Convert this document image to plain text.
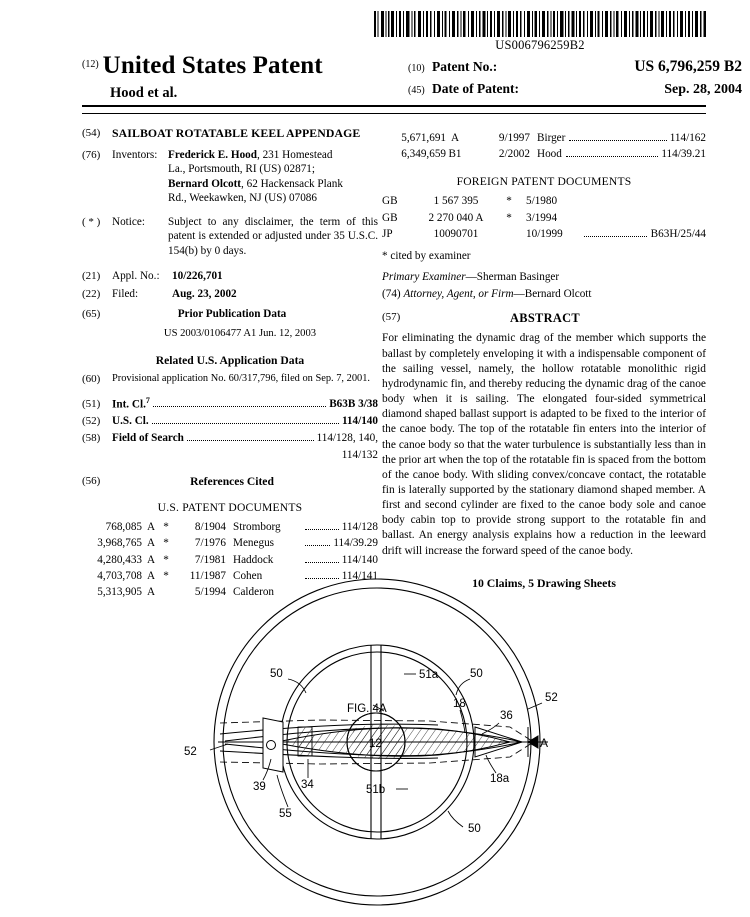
US006796259B2
$^{(12)}$ United States Patent
Hood et al.
(10) Patent No.:	US 6,796,259 B2
(45) Date of Patent:	Sep. 28, 2004
(54) SAILBOAT ROTATABLE KEEL APPENDAGE
(76)	Inventors: Frederick E. Hood, 231 Homestead
La., Portsmouth, RI (US) 02871;
Bernard Olcott, 62 Hackensack Plank
Rd., Weekawken, NJ (US) 07086
( * )	Notice:	Subject to any disclaimer, the term of this patent is extended or adjusted under 35 U.S.C. 154(b) by 0 days.
(21)	Appl. No.:	10/226,701
(22)	Filed:	Aug. 23, 2002
(65)	Prior Publication Data
US 2003/0106477 A1 Jun. 12, 2003
Related U.S. Application Data
(60)	Provisional application No. 60/317,796, filed on Sep. 7, 2001.
(51)	Int. Cl.$^7$	B63B 3/38
(52)	U.S. Cl.	114/140
(58)	Field of Search	114/128, 140,
114/132
(56)	References Cited
U.S. PATENT DOCUMENTS
768,085 A *	8/1904 Stromborg	114/128
3,968,765 A *	7/1976 Menegus	114/39.29
4,280,433 A *	7/1981 Haddock	114/140
4,703,708 A *	11/1987 Cohen	114/141
5,313,905 A	5/1994 Calderon
5,671,691 A	9/1997 Birger	114/162
6,349,659 B1	2/2002 Hood	114/39.21
FOREIGN PATENT DOCUMENTS
GB	1 567 395	*	5/1980
GB	2 270 040 A	*	3/1994
JP	10090701	10/1999	B63H/25/44
* cited by examiner
Primary Examiner—Sherman Basinger
(74) Attorney, Agent, or Firm—Bernard Olcott
(57)	ABSTRACT
For eliminating the dynamic drag of the member which supports the ballast by completely enveloping it with a indispensable component of the sailing vessel, namely, the hollow rotatable monolithic rigid hydrodynamic fin, and thereby reducing the dynamic drag of the canoe body when it is sailing. The elongated four-sided symmetrical diamond shaped ballast support is adapted to be fixed to the interior of the canoe body. The top of the rotatable fin enters into the interior of the canoe body so that the water turbulence is substantially less than in the prior art when the top of the rotatable fin is spaced from the bottom of the canoe body. With sliding convex/concave contact, the rotatable fin is laterally supported by the stationary diamond shaped member. A first and second cylinder are fixed to the canoe body sole and canoe body cabin top to provide strong support to the rotatable fin and ballast. An energy analysis explains how a reduction in the leeward drift will increase the forward speed of the canoe body.
10 Claims, 5 Drawing Sheets
50	50
50
51a
51b
52
52
18
18a
36
34
39
55
12
FIG. 4A
A
